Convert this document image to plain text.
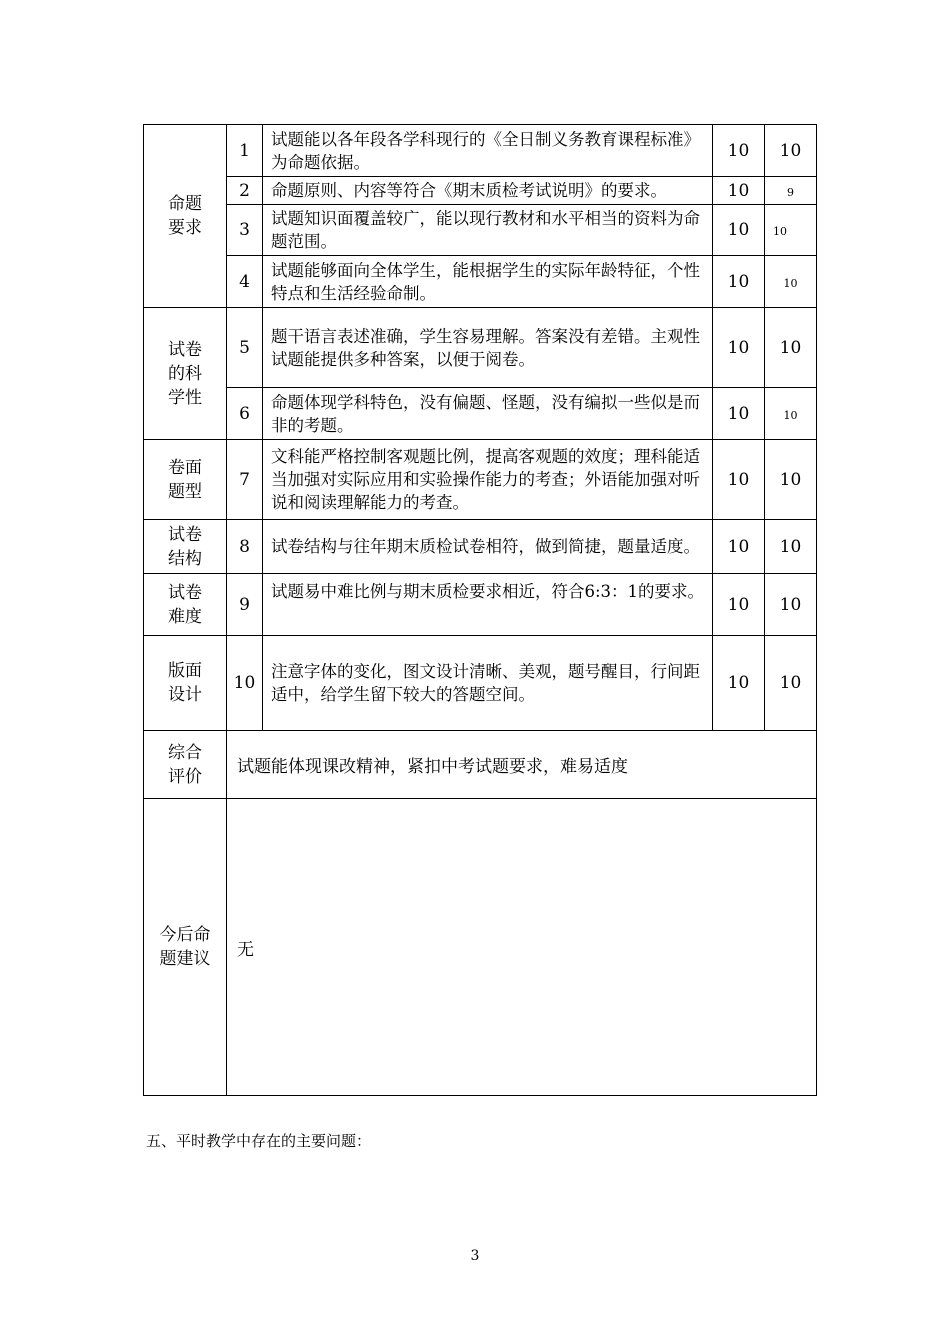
命题
要求	1	试题能以各年段各学科现行的《全日制义务教育课程标准》为命题依据。	10	10
	2	命题原则、内容等符合《期末质检考试说明》的要求。	10	9
	3	试题知识面覆盖较广，能以现行教材和水平相当的资料为命题范围。	10	10
	4	试题能够面向全体学生，能根据学生的实际年龄特征，个性特点和生活经验命制。	10	10

试卷
的科
学性	5	题干语言表述准确，学生容易理解。答案没有差错。主观性试题能提供多种答案，以便于阅卷。	10	10
	6	命题体现学科特色，没有偏题、怪题，没有编拟一些似是而非的考题。	10	10

卷面
题型	7	文科能严格控制客观题比例，提高客观题的效度；理科能适当加强对实际应用和实验操作能力的考查；外语能加强对听说和阅读理解能力的考查。	10	10

试卷
结构	8	试卷结构与往年期末质检试卷相符，做到简捷，题量适度。	10	10

试卷
难度	9	试题易中难比例与期末质检要求相近，符合6:3：1的要求。	10	10

版面
设计	10	注意字体的变化，图文设计清晰、美观，题号醒目，行间距适中，给学生留下较大的答题空间。	10	10

综合
评价	试题能体现课改精神，紧扣中考试题要求，难易适度			

今后命
题建议	无			
五、平时教学中存在的主要问题：
3
